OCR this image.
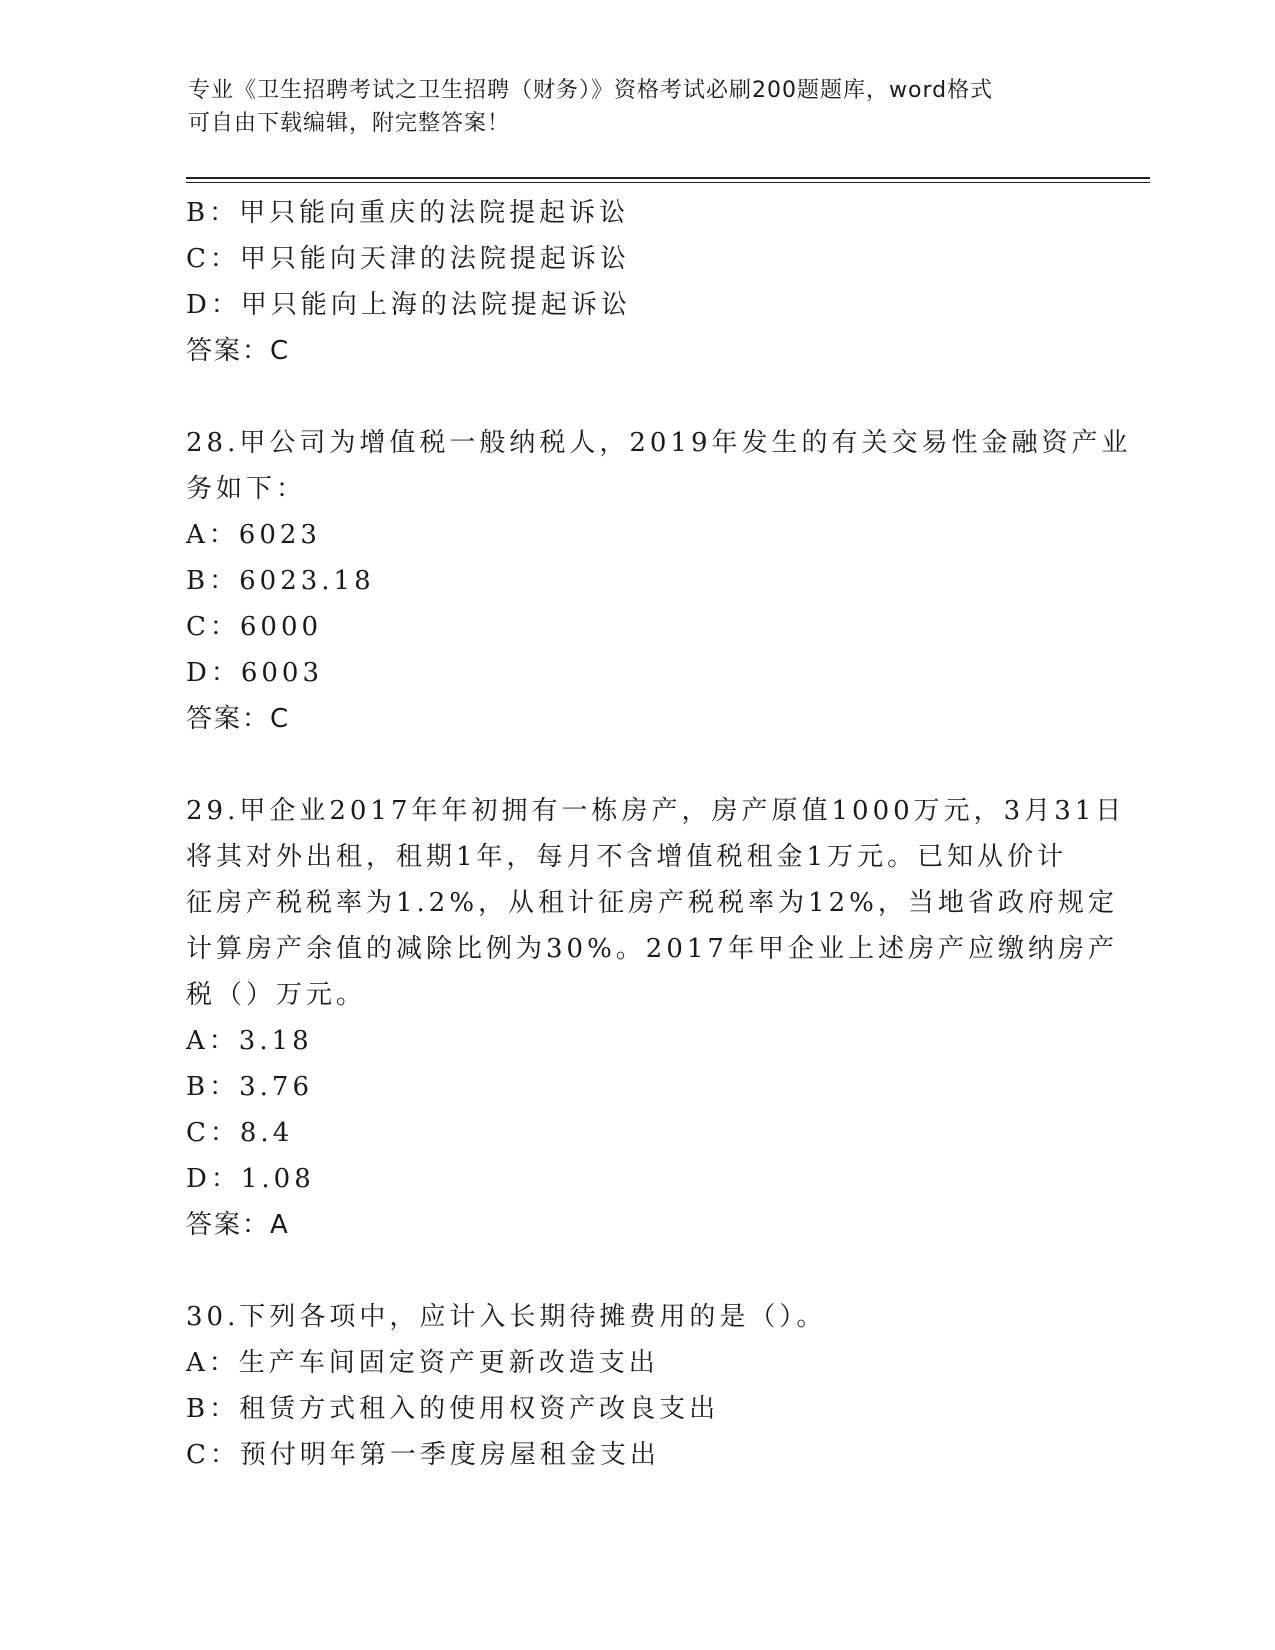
专业《卫生招聘考试之卫生招聘（财务）》资格考试必刷200题题库，word格式
可自由下载编辑，附完整答案！
B：甲只能向重庆的法院提起诉讼
C：甲只能向天津的法院提起诉讼
D：甲只能向上海的法院提起诉讼
答案：C
28.甲公司为增值税一般纳税人，2019年发生的有关交易性金融资产业
务如下：
A：6023
B：6023.18
C：6000
D：6003
答案：C
29.甲企业2017年年初拥有一栋房产，房产原值1000万元，3月31日
将其对外出租，租期1年，每月不含增值税租金1万元。已知从价计
征房产税税率为1.2%，从租计征房产税税率为12%，当地省政府规定
计算房产余值的减除比例为30%。2017年甲企业上述房产应缴纳房产
税（）万元。
A：3.18
B：3.76
C：8.4
D：1.08
答案：A
30.下列各项中，应计入长期待摊费用的是（）。
A：生产车间固定资产更新改造支出
B：租赁方式租入的使用权资产改良支出
C：预付明年第一季度房屋租金支出
